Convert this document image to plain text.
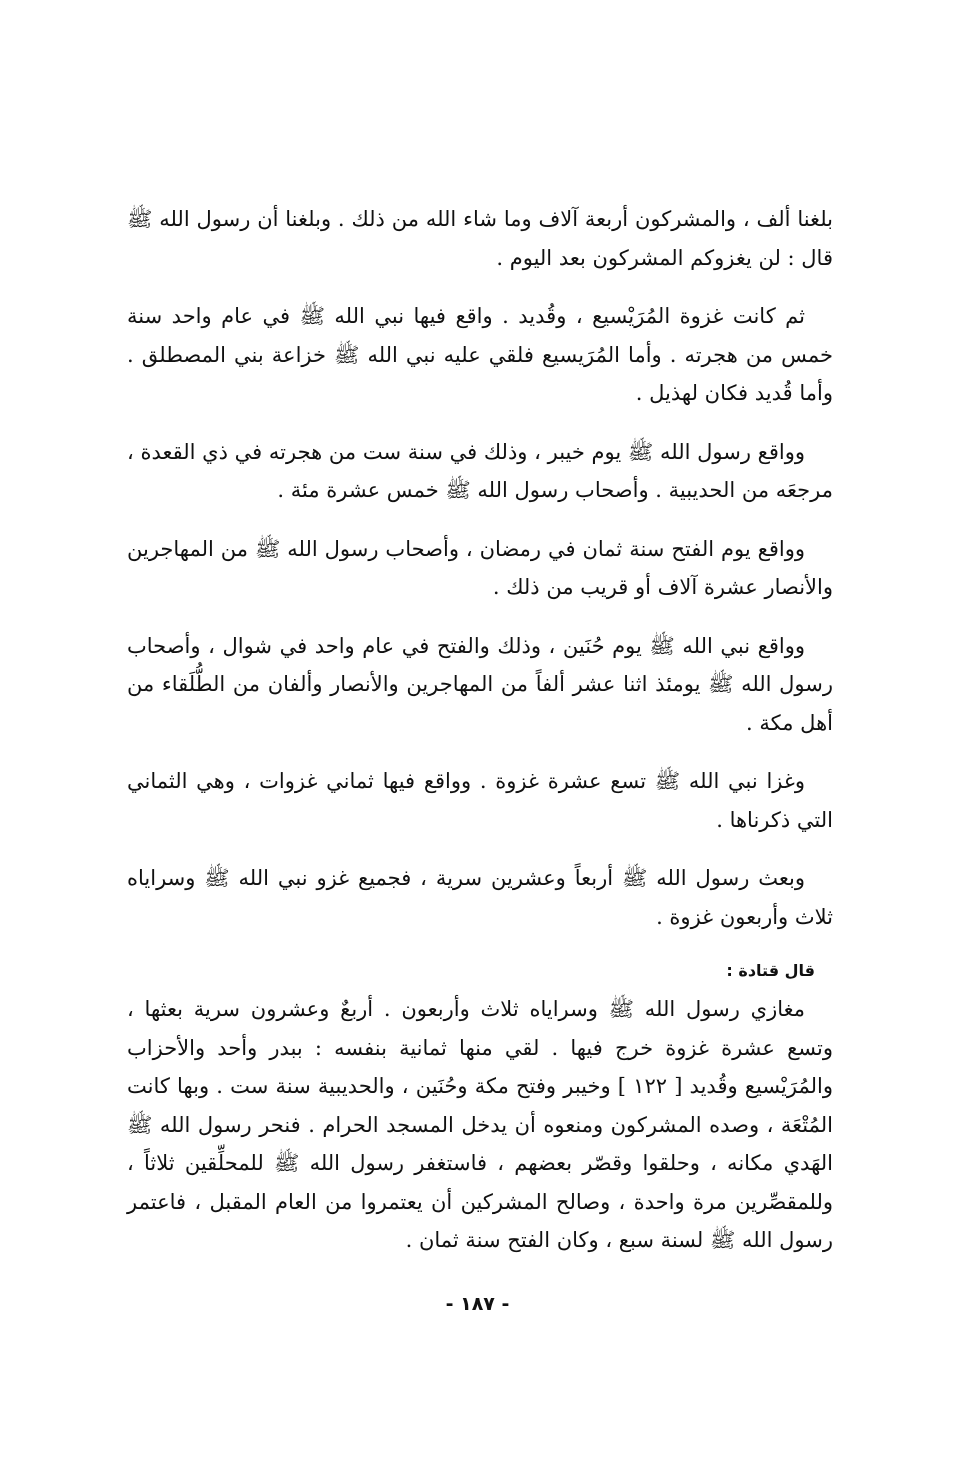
بلغنا ألف ، والمشركون أربعة آلاف وما شاء الله من ذلك . وبلغنا أن رسول الله ﷺ قال : لن يغزوكم المشركون بعد اليوم .

ثم كانت غزوة المُرَيْسيع ، وقُديد . واقع فيها نبي الله ﷺ في عام واحد سنة خمس من هجرته . وأما المُرَيسيع فلقي عليه نبي الله ﷺ خزاعة بني المصطلق . وأما قُديد فكان لهذيل .

وواقع رسول الله ﷺ يوم خيبر ، وذلك في سنة ست من هجرته في ذي القعدة ، مرجعَه من الحديبية . وأصحاب رسول الله ﷺ خمس عشرة مئة .

وواقع يوم الفتح سنة ثمان في رمضان ، وأصحاب رسول الله ﷺ من المهاجرين والأنصار عشرة آلاف أو قريب من ذلك .

وواقع نبي الله ﷺ يوم حُنَين ، وذلك والفتح في عام واحد في شوال ، وأصحاب رسول الله ﷺ يومئذ اثنا عشر ألفاً من المهاجرين والأنصار وألفان من الطُّلَقاء من أهل مكة .

وغزا نبي الله ﷺ تسع عشرة غزوة . وواقع فيها ثماني غزوات ، وهي الثماني التي ذكرناها .

وبعث رسول الله ﷺ أربعاً وعشرين سرية ، فجميع غزو نبي الله ﷺ وسراياه ثلاث وأربعون غزوة .

قال قتادة :

مغازي رسول الله ﷺ وسراياه ثلاث وأربعون . أربعٌ وعشرون سرية بعثها ، وتسع عشرة غزوة خرج فيها . لقي منها ثمانية بنفسه : ببدر وأحد والأحزاب والمُرَيْسيع وقُديد [ ١٢٢ ] وخيبر وفتح مكة وحُنَين ، والحديبية سنة ست . وبها كانت المُتْعَة ، وصده المشركون ومنعوه أن يدخل المسجد الحرام . فنحر رسول الله ﷺ الهَدي مكانه ، وحلقوا وقصّر بعضهم ، فاستغفر رسول الله ﷺ للمحلِّقين ثلاثاً ، وللمقصِّرين مرة واحدة ، وصالح المشركين أن يعتمروا من العام المقبل ، فاعتمر رسول الله ﷺ لسنة سبع ، وكان الفتح سنة ثمان .

- ١٨٧ -
